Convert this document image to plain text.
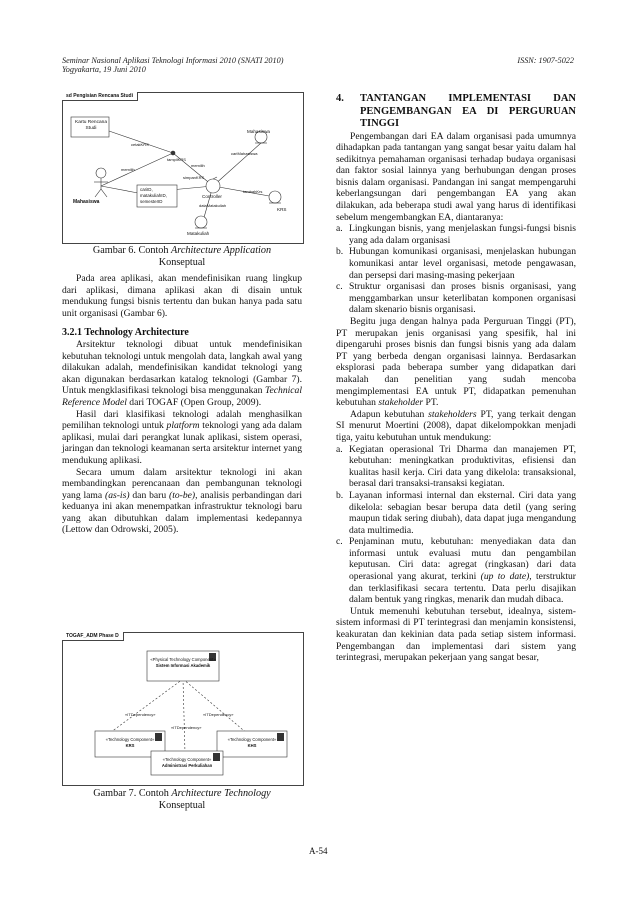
Seminar Nasional Aplikasi Teknologi Informasi 2010 (SNATI 2010)
Yogyakarta, 19 Juni 2010
ISSN: 1907-5022
sd Pengisian Rencana Studi
Kartu Rencana Studi
Mahasiswa
Mahasiswa
Controller
KRS
Matakuliah
cariID,
matakuliahID,
semesterID
cetakKRS
memilih
tampilKRS
cariMahasiswa
memilih
simpanKRS
tambahKrs
dataMatakuliah

Gambar 6. Contoh Architecture Application
Konseptual

Pada area aplikasi, akan mendefinisikan ruang lingkup dari aplikasi, dimana aplikasi akan di disain untuk mendukung fungsi bisnis tertentu dan bukan hanya pada satu unit organisasi (Gambar 6).

3.2.1 Technology Architecture

Arsitektur teknologi dibuat untuk mendefinisikan kebutuhan teknologi untuk mengolah data, langkah awal yang dilakukan adalah, mendefinisikan kandidat teknologi yang akan digunakan berdasarkan katalog teknologi (Gambar 7). Untuk mengklasifikasi teknologi bisa menggunakan Technical Reference Model dari TOGAF (Open Group, 2009).

Hasil dari klasifikasi teknologi adalah menghasilkan pemilihan teknologi untuk platform teknologi yang ada dalam aplikasi, mulai dari perangkat lunak aplikasi, sistem operasi, jaringan dan teknologi keamanan serta arsitektur internet yang mendukung aplikasi.

Secara umum dalam arsitektur teknologi ini akan membandingkan perencanaan dan pembangunan teknologi yang lama (as-is) dan baru (to-be), analisis perbandingan dari keduanya ini akan menempatkan infrastruktur teknologi baru yang akan dibutuhkan dalam implementasi kedepannya (Lettow dan Odrowski, 2005).

TOGAF_ADM Phase D
«Physical Technology Component»
Sistem Informasi Akademik
«ITDependency»	«ITDependency»
«ITDependency»
«Technology Component»
KRS
«Technology Component»
KHS
«Technology Component»
Administrasi Perkuliahan
Gambar 7. Contoh Architecture Technology
Konseptual
4.	TANTANGAN IMPLEMENTASI DAN PENGEMBANGAN EA DI PERGURUAN TINGGI

Pengembangan dari EA dalam organisasi pada umumnya dihadapkan pada tantangan yang sangat besar yaitu dalam hal sedikitnya pemahaman organisasi terhadap budaya organisasi dan faktor sosial lainnya yang berhubungan dengan proses bisnis dalam organisasi. Pandangan ini sangat mempengaruhi keberlangsungan dari pengembangan EA yang akan dilakukan, ada beberapa studi awal yang harus di identifikasi sebelum mengembangkan EA, diantaranya:

a. Lingkungan bisnis, yang menjelaskan fungsi-fungsi bisnis yang ada dalam organisasi
b. Hubungan komunikasi organisasi, menjelaskan hubungan komunikasi antar level organisasi, metode pengawasan, dan persepsi dari masing-masing pekerjaan
c. Struktur organisasi dan proses bisnis organisasi, yang menggambarkan unsur keterlibatan komponen organisasi dalam skenario bisnis organisasi.

Begitu juga dengan halnya pada Perguruan Tinggi (PT), PT merupakan jenis organisasi yang spesifik, hal ini dipengaruhi proses bisnis dan fungsi bisnis yang ada dalam PT yang berbeda dengan organisasi lainnya. Berdasarkan eksplorasi pada beberapa sumber yang didapatkan dari makalah dan penelitian yang sudah mencoba mengimplementasi EA untuk PT, didapatkan pemenuhan kebutuhan stakeholder PT.

Adapun kebutuhan stakeholders PT, yang terkait dengan SI menurut Moertini (2008), dapat dikelompokkan menjadi tiga, yaitu kebutuhan untuk mendukung:

a. Kegiatan operasional Tri Dharma dan manajemen PT, kebutuhan: meningkatkan produktivitas, efisiensi dan kualitas hasil kerja. Ciri data yang dikelola: transaksional, berasal dari transaksi-transaksi kegiatan.
b. Layanan informasi internal dan eksternal. Ciri data yang dikelola: sebagian besar berupa data detil (yang sering maupun tidak sering diubah), data dapat juga mengandung data multimedia.
c. Penjaminan mutu, kebutuhan: menyediakan data dan informasi untuk evaluasi mutu dan pengambilan keputusan. Ciri data: agregat (ringkasan) dari data operasional yang akurat, terkini (up to date), terstruktur dan terklasifikasi secara tertentu. Data perlu disajikan dalam bentuk yang ringkas, menarik dan mudah dibaca.

Untuk memenuhi kebutuhan tersebut, idealnya, sistem-sistem informasi di PT terintegrasi dan menjamin konsistensi, keakuratan dan kekinian data pada setiap sistem informasi. Pengembangan dan implementasi dari sistem yang terintegrasi, merupakan pekerjaan yang sangat besar,

A-54
